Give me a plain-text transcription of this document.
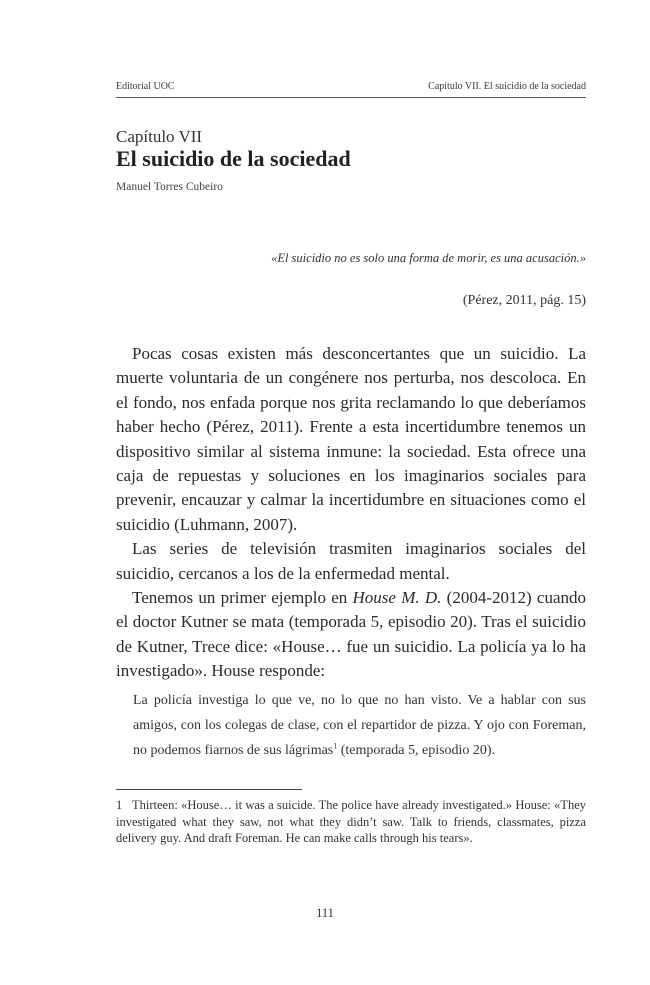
Editorial UOC	Capítulo VII. El suicidio de la sociedad
Capítulo VII
El suicidio de la sociedad
Manuel Torres Cubeiro
«El suicidio no es solo una forma de morir, es una acusación.»
(Pérez, 2011, pág. 15)

Pocas cosas existen más desconcertantes que un suicidio. La muerte voluntaria de un congénere nos perturba, nos descoloca. En el fondo, nos enfada porque nos grita reclamando lo que deberíamos haber hecho (Pérez, 2011). Frente a esta incertidumbre tenemos un dispositivo similar al sistema inmune: la sociedad. Esta ofrece una caja de repuestas y soluciones en los imaginarios sociales para prevenir, encauzar y calmar la incertidumbre en situaciones como el suicidio (Luhmann, 2007).

Las series de televisión trasmiten imaginarios sociales del suicidio, cercanos a los de la enfermedad mental.

Tenemos un primer ejemplo en House M. D. (2004-2012) cuando el doctor Kutner se mata (temporada 5, episodio 20). Tras el suicidio de Kutner, Trece dice: «House… fue un suicidio. La policía ya lo ha investigado». House responde:

La policía investiga lo que ve, no lo que no han visto. Ve a hablar con sus amigos, con los colegas de clase, con el repartidor de pizza. Y ojo con Foreman, no podemos fiarnos de sus lágrimas$^1$ (temporada 5, episodio 20).
1 Thirteen: «House… it was a suicide. The police have already investigated.» House: «They investigated what they saw, not what they didn’t saw. Talk to friends, classmates, pizza delivery guy. And draft Foreman. He can make calls through his tears».
111
